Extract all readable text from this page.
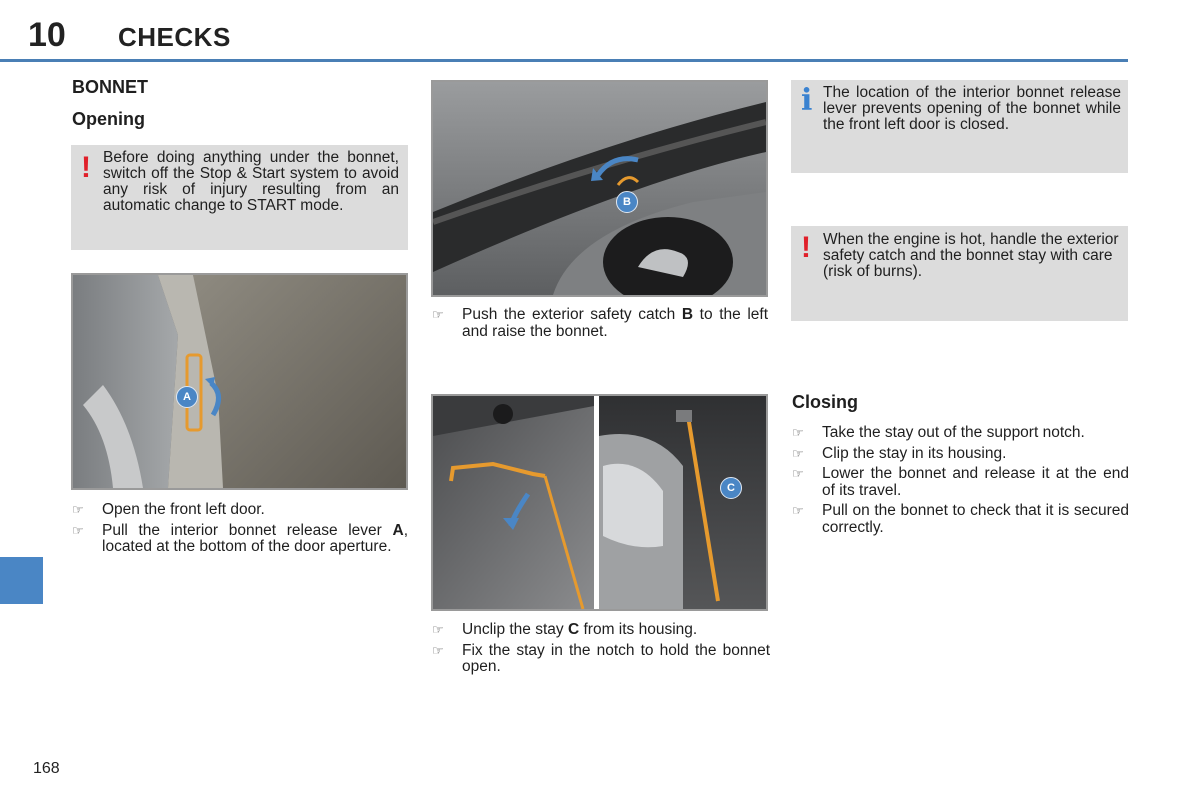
10 CHECKS
BONNET
Opening
! Before doing anything under the bonnet, switch off the Stop & Start system to avoid any risk of injury resulting from an automatic change to START mode.
A
☞ Open the front left door.
☞ Pull the interior bonnet release lever A, located at the bottom of the door aperture.
B
☞ Push the exterior safety catch B to the left and raise the bonnet.
C
☞ Unclip the stay C from its housing.
☞ Fix the stay in the notch to hold the bonnet open.
i The location of the interior bonnet release lever prevents opening of the bonnet while the front left door is closed.
! When the engine is hot, handle the exterior safety catch and the bonnet stay with care (risk of burns).
Closing
☞ Take the stay out of the support notch.
☞ Clip the stay in its housing.
☞ Lower the bonnet and release it at the end of its travel.
☞ Pull on the bonnet to check that it is secured correctly.
168
